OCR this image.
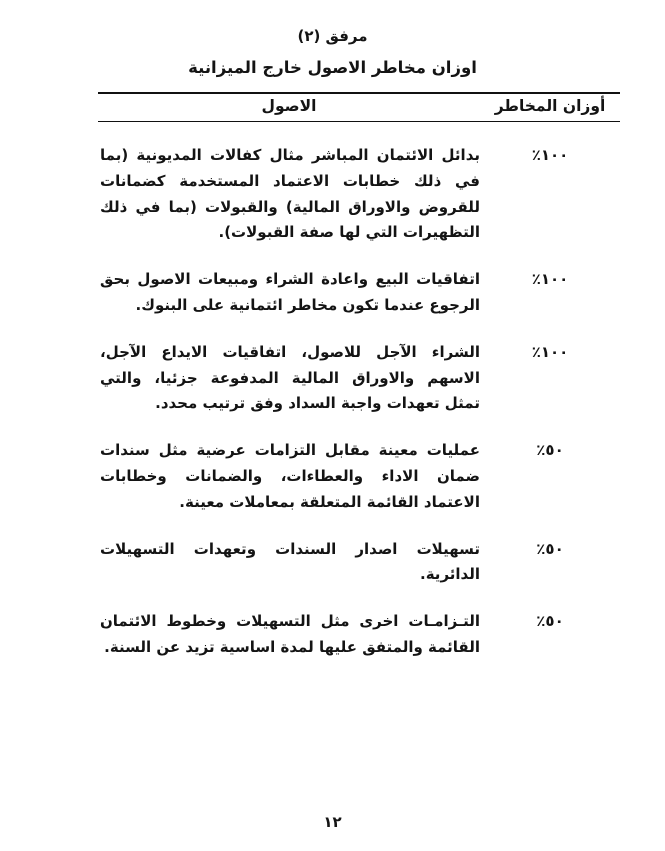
مرفق (٢)
اوزان مخاطر الاصول خارج الميزانية
أوزان المخاطر
الاصول
١٠٠٪
بدائل الائتمان المباشر مثال كفالات المديونية (بما في ذلك خطابات الاعتماد المستخدمة كضمانات للقروض والاوراق المالية) والقبولات (بما في ذلك التظهيرات التي لها صفة القبولات).
١٠٠٪
اتفاقيات البيع واعادة الشراء ومبيعات الاصول بحق الرجوع عندما تكون مخاطر ائتمانية على البنوك.
١٠٠٪
الشراء الآجل للاصول، اتفاقيات الايداع الآجل، الاسهم والاوراق المالية المدفوعة جزئيا، والتي تمثل تعهدات واجبة السداد وفق ترتيب محدد.
٥٠٪
عمليات معينة مقابل التزامات عرضية مثل سندات ضمان الاداء والعطاءات، والضمانات وخطابات الاعتماد القائمة المتعلقة بمعاملات معينة.
٥٠٪
تسهيلات اصدار السندات وتعهدات التسهيلات الدائرية.
٥٠٪
التـزامـات اخرى مثل التسهيلات وخطوط الائتمان القائمة والمتفق عليها لمدة اساسية تزيد عن السنة.
١٢
